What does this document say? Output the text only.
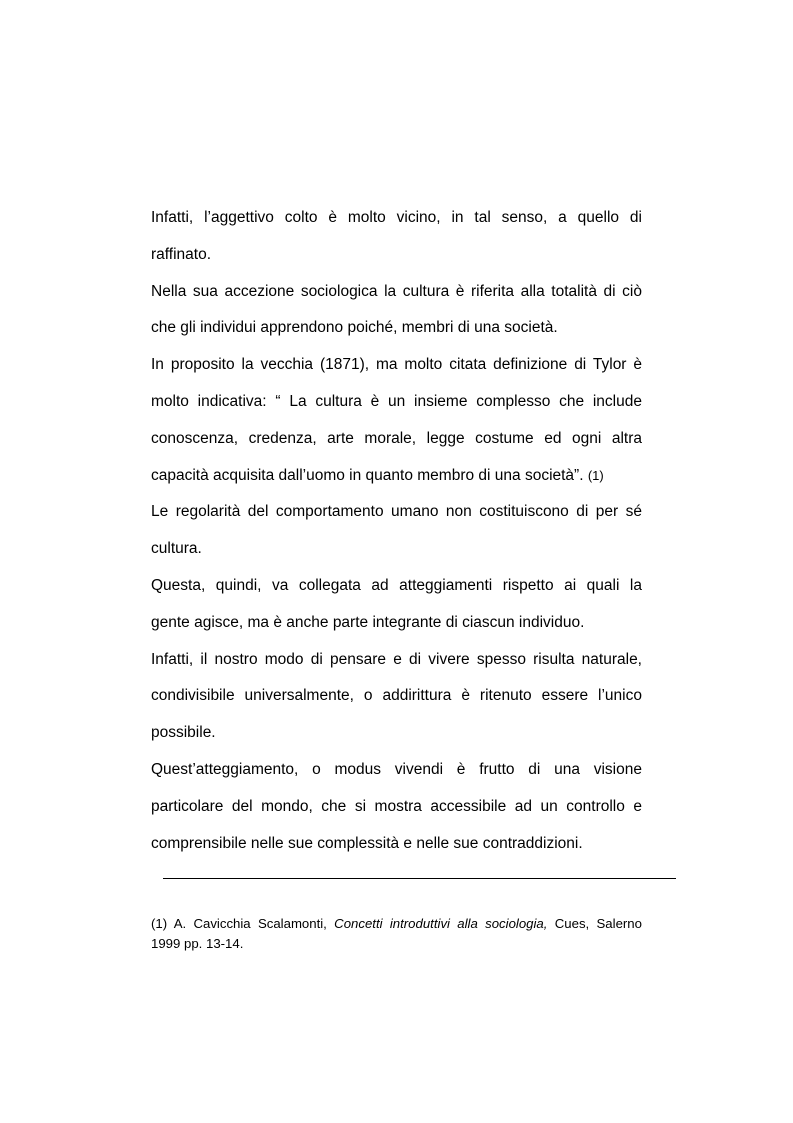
Infatti, l’aggettivo colto è molto vicino, in tal senso, a quello di
raffinato.
Nella sua accezione sociologica la cultura è riferita alla totalità di ciò
che gli individui apprendono poiché, membri di una società.
In proposito la vecchia (1871), ma molto citata definizione di Tylor è
molto indicativa: “ La cultura è un insieme complesso che include
conoscenza, credenza, arte morale, legge costume ed ogni altra
capacità acquisita dall’uomo in quanto membro di una società”. (1)
Le regolarità del comportamento umano non costituiscono di per sé
cultura.
Questa, quindi, va collegata ad atteggiamenti rispetto ai quali la
gente agisce, ma è anche parte integrante di ciascun individuo.
Infatti, il nostro modo di pensare e di vivere spesso risulta naturale,
condivisibile universalmente, o addirittura è ritenuto essere l’unico
possibile.
Quest’atteggiamento, o modus vivendi è frutto di una visione
particolare del mondo, che si mostra accessibile ad un controllo e
comprensibile nelle sue complessità e nelle sue contraddizioni.
(1) A. Cavicchia Scalamonti, Concetti introduttivi alla sociologia, Cues, Salerno
1999 pp. 13-14.
